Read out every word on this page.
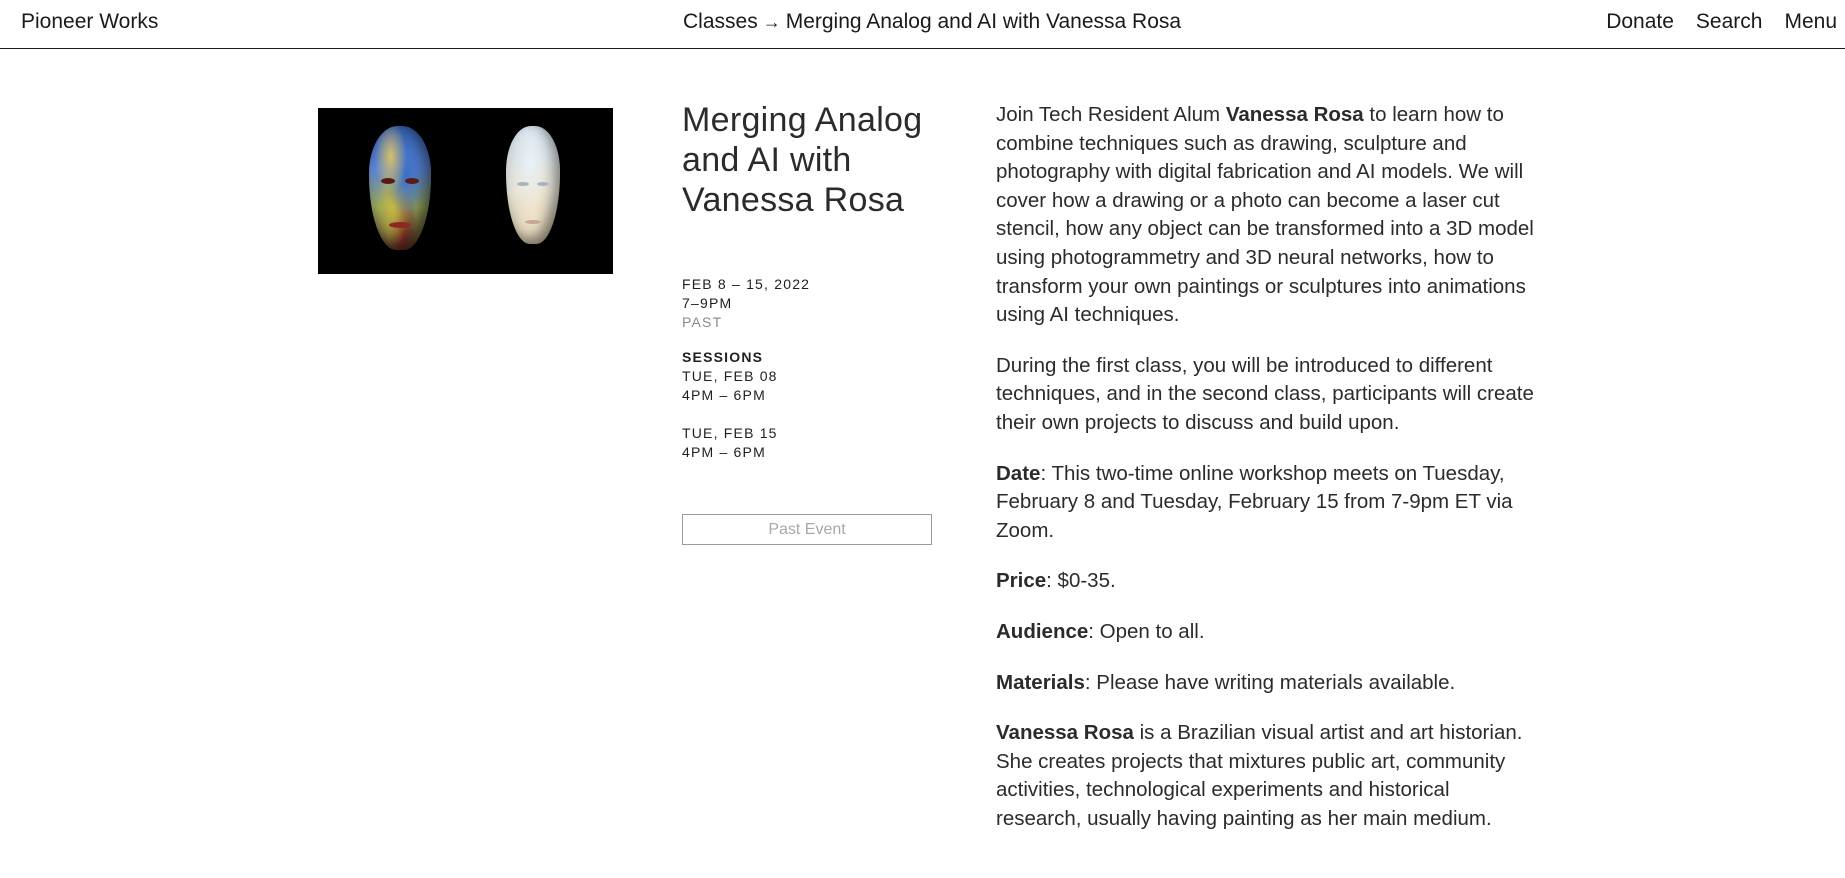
Pioneer Works	Classes → Merging Analog and AI with Vanessa Rosa	Donate Search Menu
Merging Analog and AI with Vanessa Rosa
FEB 8 – 15, 2022
7–9PM
PAST
SESSIONS
TUE, FEB 08
4PM – 6PM
TUE, FEB 15
4PM – 6PM
Past Event

Join Tech Resident Alum Vanessa Rosa to learn how to combine techniques such as drawing, sculpture and photography with digital fabrication and AI models. We will cover how a drawing or a photo can become a laser cut stencil, how any object can be transformed into a 3D model using photogrammetry and 3D neural networks, how to transform your own paintings or sculptures into animations using AI techniques.

During the first class, you will be introduced to different techniques, and in the second class, participants will create their own projects to discuss and build upon.

Date: This two-time online workshop meets on Tuesday, February 8 and Tuesday, February 15 from 7-9pm ET via Zoom.

Price: $0-35.

Audience: Open to all.

Materials: Please have writing materials available.

Vanessa Rosa is a Brazilian visual artist and art historian. She creates projects that mixtures public art, community activities, technological experiments and historical research, usually having painting as her main medium.
